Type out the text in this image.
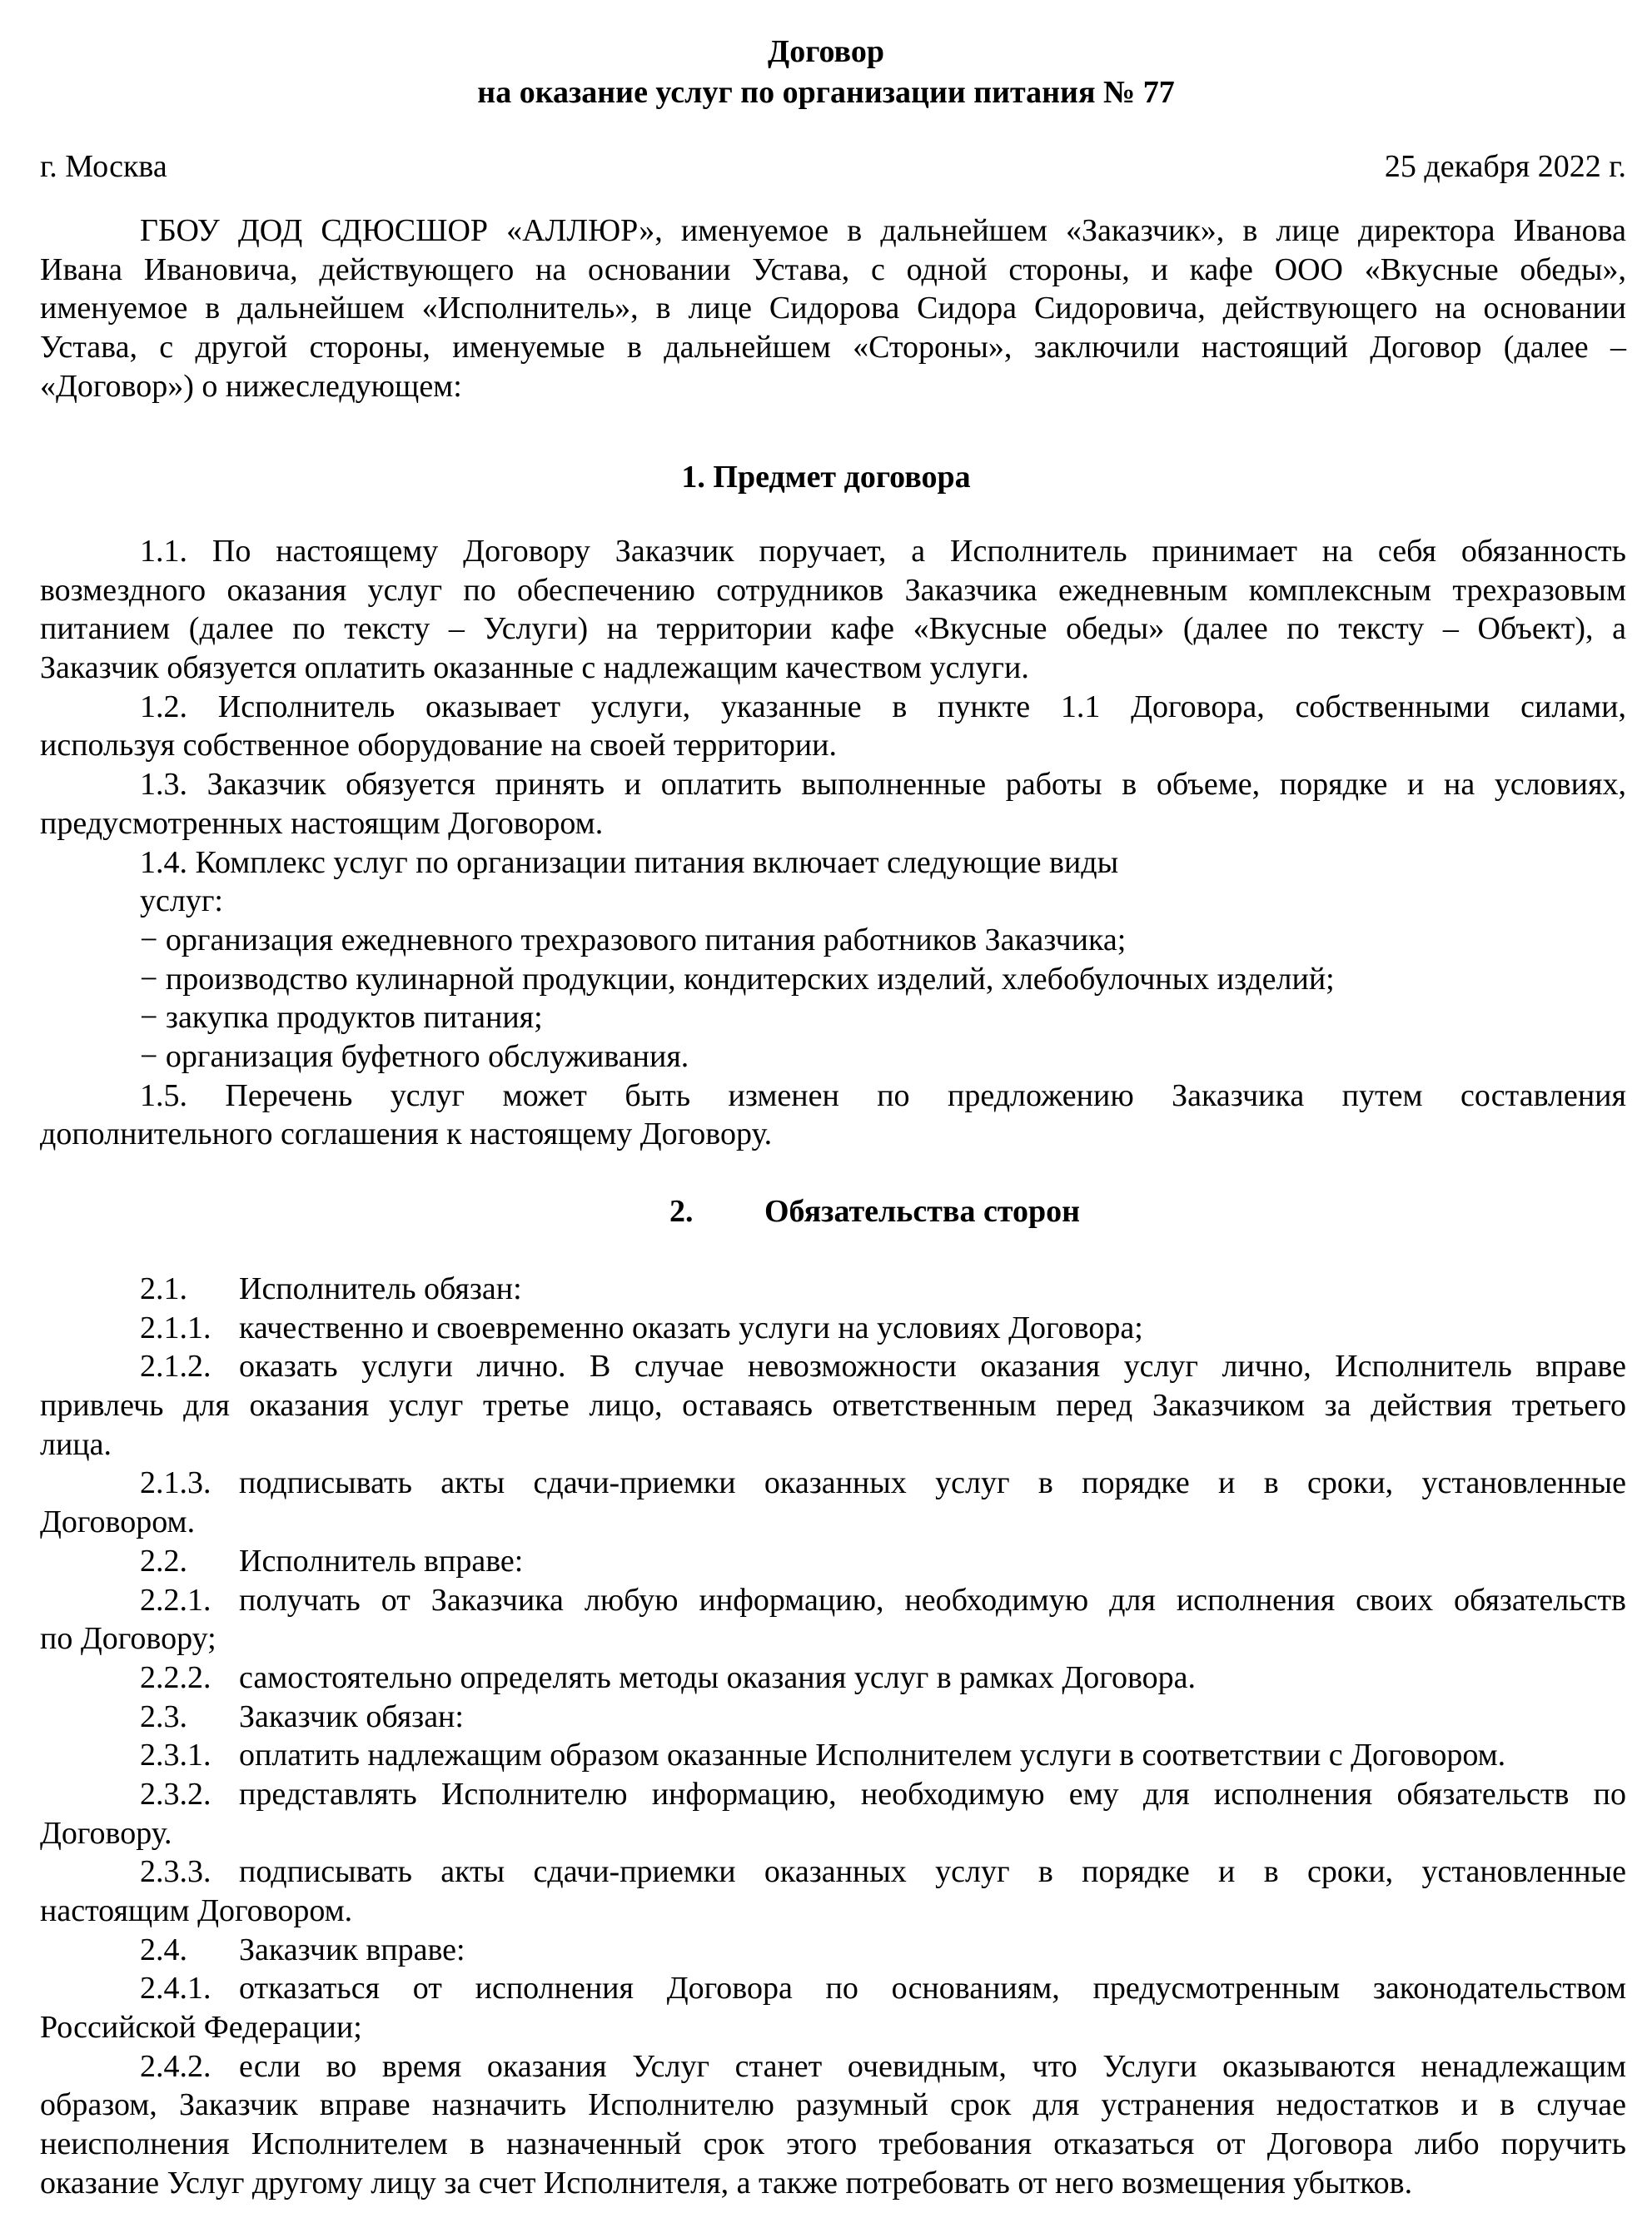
Договор
на оказание услуг по организации питания № 77
г. Москва	25 декабря 2022 г.
ГБОУ ДОД СДЮСШОР «АЛЛЮР», именуемое в дальнейшем «Заказчик», в лице директора Иванова
Ивана Ивановича, действующего на основании Устава, с одной стороны, и кафе ООО «Вкусные обеды»,
именуемое в дальнейшем «Исполнитель», в лице Сидорова Сидора Сидоровича, действующего на основании
Устава, с другой стороны, именуемые в дальнейшем «Стороны», заключили настоящий Договор (далее –
«Договор») о нижеследующем:
1. Предмет договора
1.1. По настоящему Договору Заказчик поручает, а Исполнитель принимает на себя обязанность
возмездного оказания услуг по обеспечению сотрудников Заказчика ежедневным комплексным трехразовым
питанием (далее по тексту – Услуги) на территории кафе «Вкусные обеды» (далее по тексту – Объект), а
Заказчик обязуется оплатить оказанные с надлежащим качеством услуги.
1.2. Исполнитель оказывает услуги, указанные в пункте 1.1 Договора, собственными силами,
используя собственное оборудование на своей территории.
1.3. Заказчик обязуется принять и оплатить выполненные работы в объеме, порядке и на условиях,
предусмотренных настоящим Договором.
1.4. Комплекс услуг по организации питания включает следующие виды
услуг:
− организация ежедневного трехразового питания работников Заказчика;
− производство кулинарной продукции, кондитерских изделий, хлебобулочных изделий;
− закупка продуктов питания;
− организация буфетного обслуживания.
1.5. Перечень услуг может быть изменен по предложению Заказчика путем составления
дополнительного соглашения к настоящему Договору.
2. Обязательства сторон
2.1.	Исполнитель обязан:
2.1.1. качественно и своевременно оказать услуги на условиях Договора;
2.1.2. оказать услуги лично. В случае невозможности оказания услуг лично, Исполнитель вправе
привлечь для оказания услуг третье лицо, оставаясь ответственным перед Заказчиком за действия третьего
лица.
2.1.3. подписывать акты сдачи-приемки оказанных услуг в порядке и в сроки, установленные
Договором.
2.2.	Исполнитель вправе:
2.2.1. получать от Заказчика любую информацию, необходимую для исполнения своих обязательств
по Договору;
2.2.2. самостоятельно определять методы оказания услуг в рамках Договора.
2.3.	Заказчик обязан:
2.3.1. оплатить надлежащим образом оказанные Исполнителем услуги в соответствии с Договором.
2.3.2. представлять Исполнителю информацию, необходимую ему для исполнения обязательств по
Договору.
2.3.3. подписывать акты сдачи-приемки оказанных услуг в порядке и в сроки, установленные
настоящим Договором.
2.4.	Заказчик вправе:
2.4.1. отказаться от исполнения Договора по основаниям, предусмотренным законодательством
Российской Федерации;
2.4.2. если во время оказания Услуг станет очевидным, что Услуги оказываются ненадлежащим
образом, Заказчик вправе назначить Исполнителю разумный срок для устранения недостатков и в случае
неисполнения Исполнителем в назначенный срок этого требования отказаться от Договора либо поручить
оказание Услуг другому лицу за счет Исполнителя, а также потребовать от него возмещения убытков.
